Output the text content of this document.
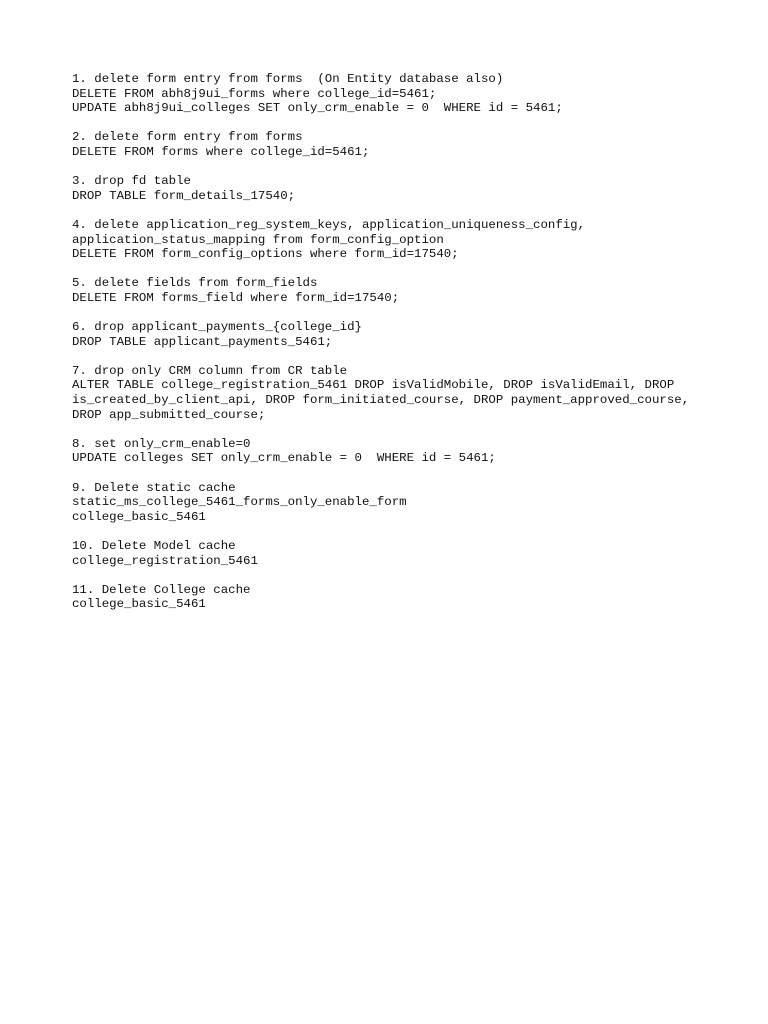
1. delete form entry from forms  (On Entity database also)
DELETE FROM abh8j9ui_forms where college_id=5461;
UPDATE abh8j9ui_colleges SET only_crm_enable = 0  WHERE id = 5461;
2. delete form entry from forms
DELETE FROM forms where college_id=5461;
3. drop fd table
DROP TABLE form_details_17540;
4. delete application_reg_system_keys, application_uniqueness_config,
application_status_mapping from form_config_option
DELETE FROM form_config_options where form_id=17540;
5. delete fields from form_fields
DELETE FROM forms_field where form_id=17540;
6. drop applicant_payments_{college_id}
DROP TABLE applicant_payments_5461;
7. drop only CRM column from CR table
ALTER TABLE college_registration_5461 DROP isValidMobile, DROP isValidEmail, DROP
is_created_by_client_api, DROP form_initiated_course, DROP payment_approved_course,
DROP app_submitted_course;
8. set only_crm_enable=0
UPDATE colleges SET only_crm_enable = 0  WHERE id = 5461;
9. Delete static cache
static_ms_college_5461_forms_only_enable_form
college_basic_5461
10. Delete Model cache
college_registration_5461
11. Delete College cache
college_basic_5461
